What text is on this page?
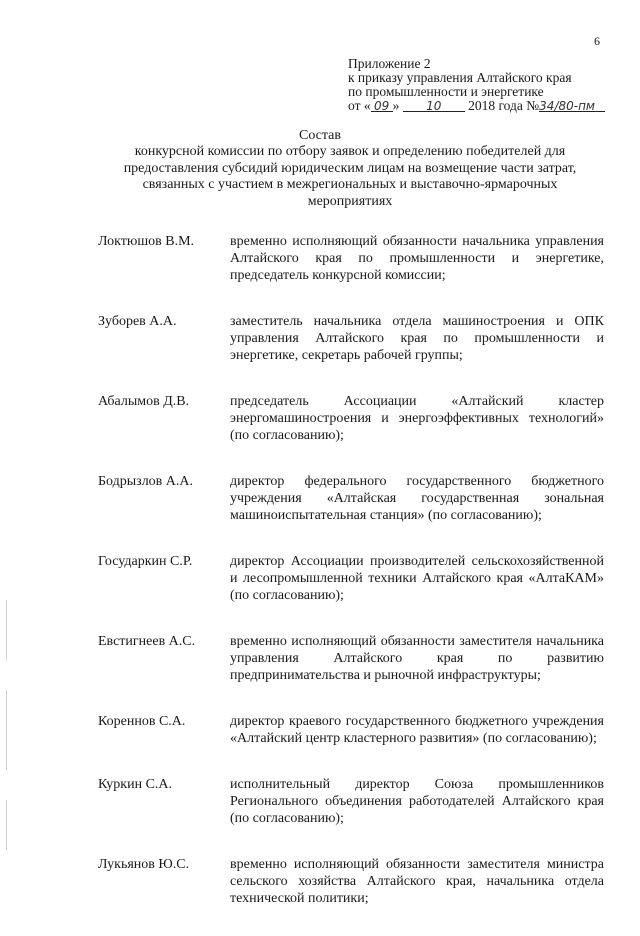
6
Приложение 2
к приказу управления Алтайского края
по промышленности и энергетике
от « 09 » 10 2018 года №34/80-пм
Состав
конкурсной комиссии по отбору заявок и определению победителей для
предоставления субсидий юридическим лицам на возмещение части затрат,
связанных с участием в межрегиональных и выставочно-ярмарочных
мероприятиях
Локтюшов В.М.	временно исполняющий обязанности начальника управления Алтайского края по промышленности и энергетике, председатель конкурсной комиссии;
Зуборев А.А.	заместитель начальника отдела машиностроения и ОПК управления Алтайского края по промышленности и энергетике, секретарь рабочей группы;
Абалымов Д.В.	председатель Ассоциации «Алтайский кластер энергомашиностроения и энергоэффективных технологий» (по согласованию);
Бодрызлов А.А.	директор федерального государственного бюджетного учреждения «Алтайская государственная зональная машиноиспытательная станция» (по согласованию);
Государкин С.Р.	директор Ассоциации производителей сельскохозяйственной и лесопромышленной техники Алтайского края «АлтаКАМ» (по согласованию);
Евстигнеев А.С.	временно исполняющий обязанности заместителя начальника управления Алтайского края по развитию предпринимательства и рыночной инфраструктуры;
Кореннов С.А.	директор краевого государственного бюджетного учреждения «Алтайский центр кластерного развития» (по согласованию);
Куркин С.А.	исполнительный директор Союза промышленников Регионального объединения работодателей Алтайского края (по согласованию);
Лукьянов Ю.С.	временно исполняющий обязанности заместителя министра сельского хозяйства Алтайского края, начальника отдела технической политики;
